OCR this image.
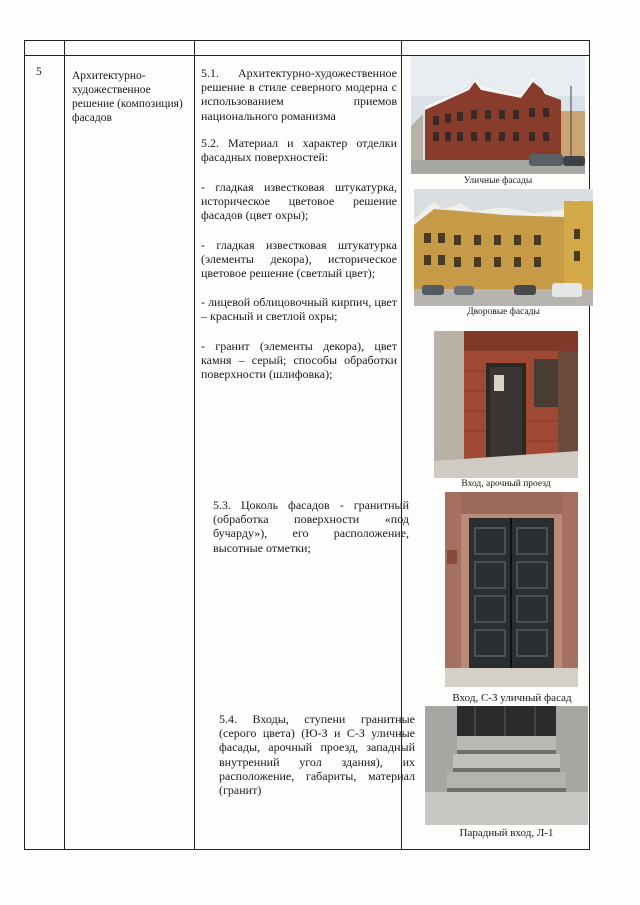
5	Архитектурно-художественное решение (композиция) фасадов
5.1. Архитектурно-художественное решение в стиле северного модерна с использованием приемов национального романизма
5.2. Материал и характер отделки фасадных поверхностей:
- гладкая известковая штукатурка, историческое цветовое решение фасадов (цвет охры);
- гладкая известковая штукатурка (элементы декора), историческое цветовое решение (светлый цвет);
- лицевой облицовочный кирпич, цвет – красный и светлой охры;
- гранит (элементы декора), цвет камня – серый; способы обработки поверхности (шлифовка);
5.3. Цоколь фасадов - гранитный (обработка поверхности «под бучарду»), его расположение, высотные отметки;
5.4. Входы, ступени гранитные (серого цвета) (Ю-З и С-З уличные фасады, арочный проезд, западный внутренний угол здания), их расположение, габариты, материал (гранит)
Уличные фасады
Дворовые фасады
Вход, арочный проезд
Вход, С-З уличный фасад
Парадный вход, Л-1
